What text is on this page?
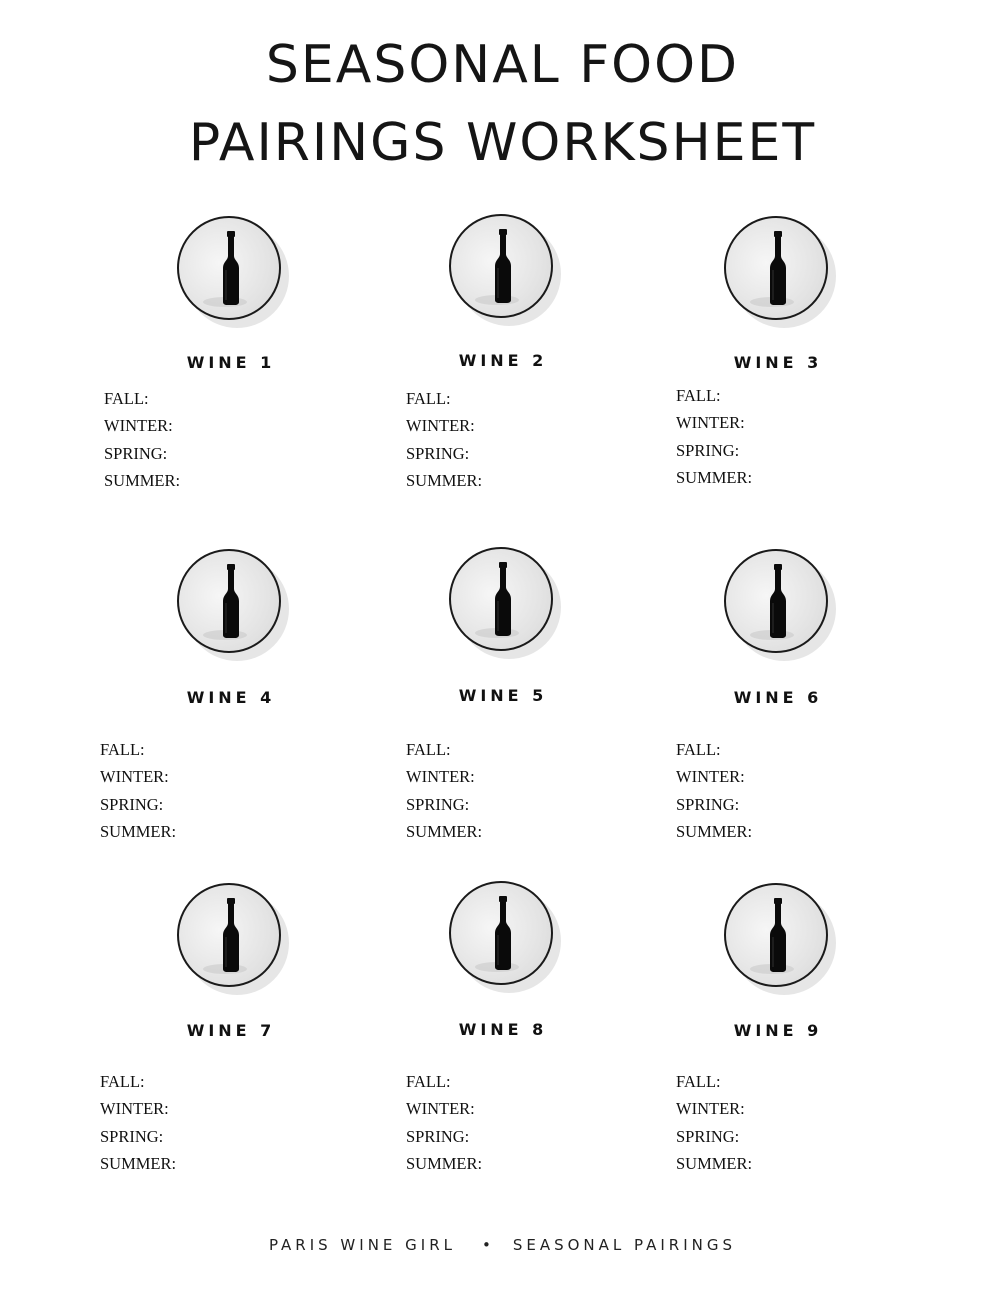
SEASONAL FOOD
PAIRINGS WORKSHEET
WINE 1
FALL:
WINTER:
SPRING:
SUMMER:
WINE 2
FALL:
WINTER:
SPRING:
SUMMER:
WINE 3
FALL:
WINTER:
SPRING:
SUMMER:
WINE 4
FALL:
WINTER:
SPRING:
SUMMER:
WINE 5
FALL:
WINTER:
SPRING:
SUMMER:
WINE 6
FALL:
WINTER:
SPRING:
SUMMER:
WINE 7
FALL:
WINTER:
SPRING:
SUMMER:
WINE 8
FALL:
WINTER:
SPRING:
SUMMER:
WINE 9
FALL:
WINTER:
SPRING:
SUMMER:
PARIS WINE GIRL • SEASONAL PAIRINGS
